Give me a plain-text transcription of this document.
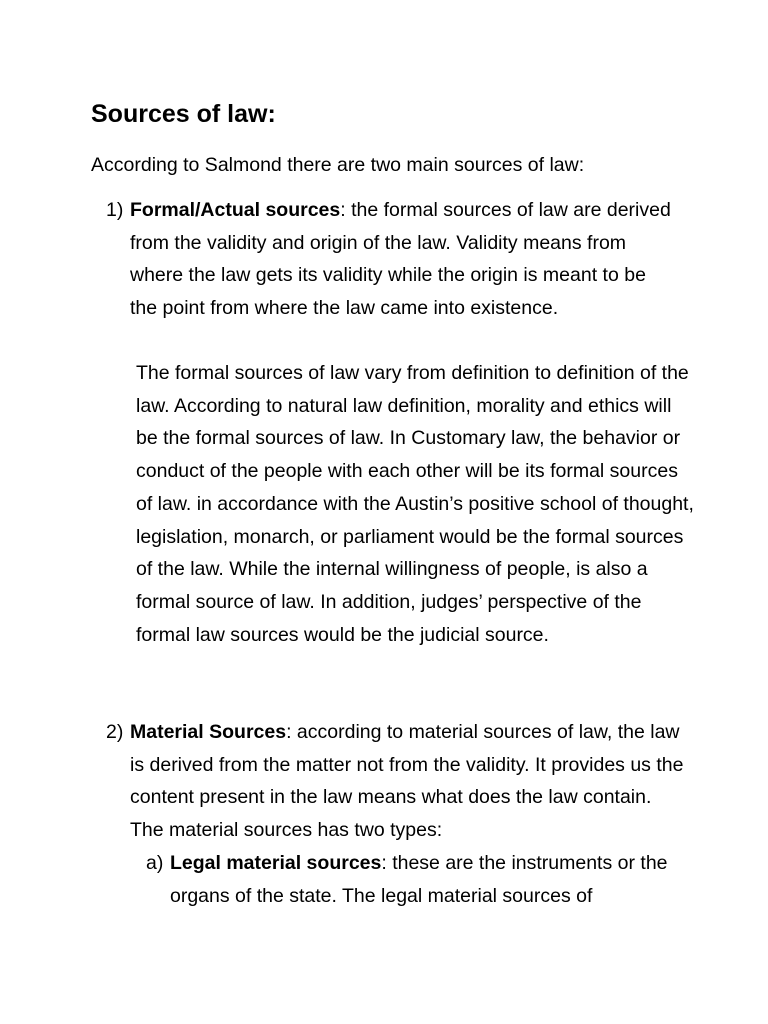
Sources of law:

According to Salmond there are two main sources of law:

1) Formal/Actual sources: the formal sources of law are derived from the validity and origin of the law. Validity means from where the law gets its validity while the origin is meant to be the point from where the law came into existence.

The formal sources of law vary from definition to definition of the law. According to natural law definition, morality and ethics will be the formal sources of law. In Customary law, the behavior or conduct of the people with each other will be its formal sources of law. in accordance with the Austin’s positive school of thought, legislation, monarch, or parliament would be the formal sources of the law. While the internal willingness of people, is also a formal source of law. In addition, judges’ perspective of the formal law sources would be the judicial source.

2) Material Sources: according to material sources of law, the law is derived from the matter not from the validity. It provides us the content present in the law means what does the law contain. The material sources has two types:

a) Legal material sources: these are the instruments or the organs of the state. The legal material sources of
